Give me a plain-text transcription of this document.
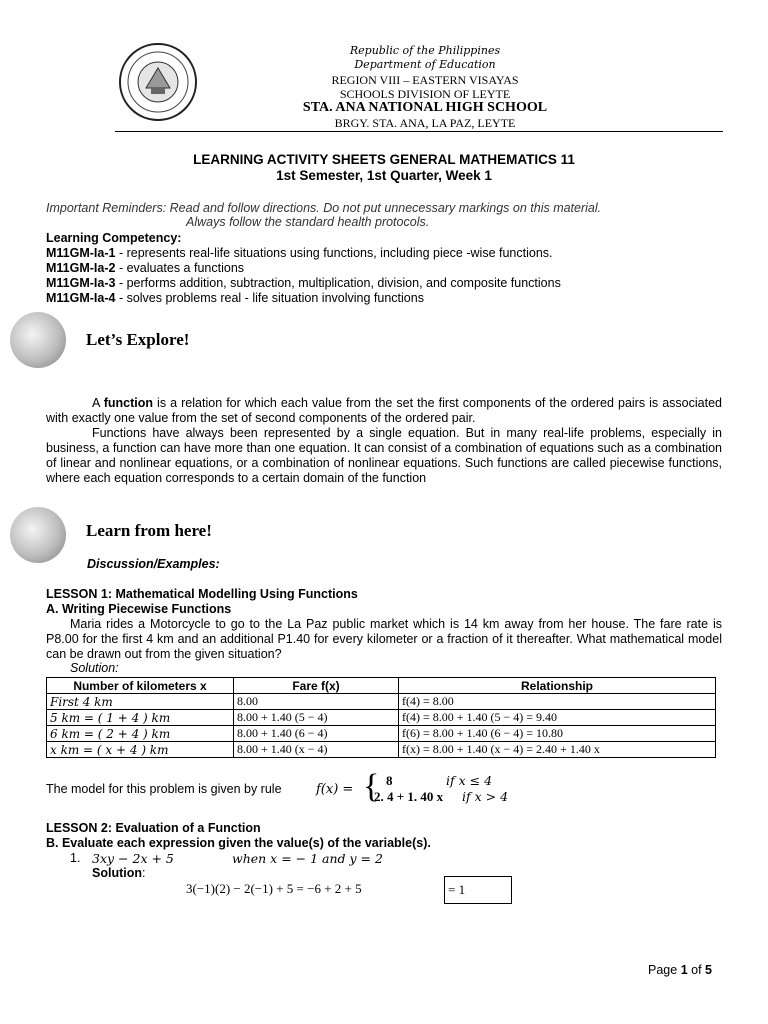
Republic of the Philippines
Department of Education
REGION VIII – EASTERN VISAYAS
SCHOOLS DIVISION OF LEYTE
STA. ANA NATIONAL HIGH SCHOOL
BRGY. STA. ANA, LA PAZ, LEYTE
LEARNING ACTIVITY SHEETS GENERAL MATHEMATICS 11
1st Semester, 1st Quarter, Week 1
Important Reminders: Read and follow directions. Do not put unnecessary markings on this material.
Always follow the standard health protocols.
Learning Competency:
M11GM-Ia-1 - represents real-life situations using functions, including piece -wise functions.
M11GM-Ia-2 - evaluates a functions
M11GM-Ia-3 - performs addition, subtraction, multiplication, division, and composite functions
M11GM-Ia-4 - solves problems real - life situation involving functions
Let’s Explore!
A function is a relation for which each value from the set the first components of the ordered pairs is associated with exactly one value from the set of second components of the ordered pair.
Functions have always been represented by a single equation. But in many real-life problems, especially in business, a function can have more than one equation. It can consist of a combination of equations such as a combination of linear and nonlinear equations, or a combination of nonlinear equations. Such functions are called piecewise functions, where each equation corresponds to a certain domain of the function
Learn from here!
Discussion/Examples:
LESSON 1: Mathematical Modelling Using Functions
A. Writing Piecewise Functions
Maria rides a Motorcycle to go to the La Paz public market which is 14 km away from her house. The fare rate is P8.00 for the first 4 km and an additional P1.40 for every kilometer or a fraction of it thereafter. What mathematical model can be drawn out from the given situation?
Solution:
Number of kilometers x	Fare f(x)	Relationship
First 4 km	8.00	f(4) = 8.00
5 km = ( 1 + 4 ) km	8.00 + 1.40 (5 − 4)	f(4) = 8.00 + 1.40 (5 − 4) = 9.40
6 km = ( 2 + 4 ) km	8.00 + 1.40 (6 − 4)	f(6) = 8.00 + 1.40 (6 − 4) = 10.80
x km = ( x + 4 ) km	8.00 + 1.40 (x − 4)	f(x) = 8.00 + 1.40 (x − 4) = 2.40 + 1.40 x
The model for this problem is given by rule	f(x) = { 8	if x ≤ 4
2. 4 + 1. 40 x if x > 4
LESSON 2: Evaluation of a Function
B. Evaluate each expression given the value(s) of the variable(s).
1. 3xy − 2x + 5	when x = − 1 and y = 2
Solution:
3(−1)(2) − 2(−1) + 5 = −6 + 2 + 5	= 1
Page 1 of 5
